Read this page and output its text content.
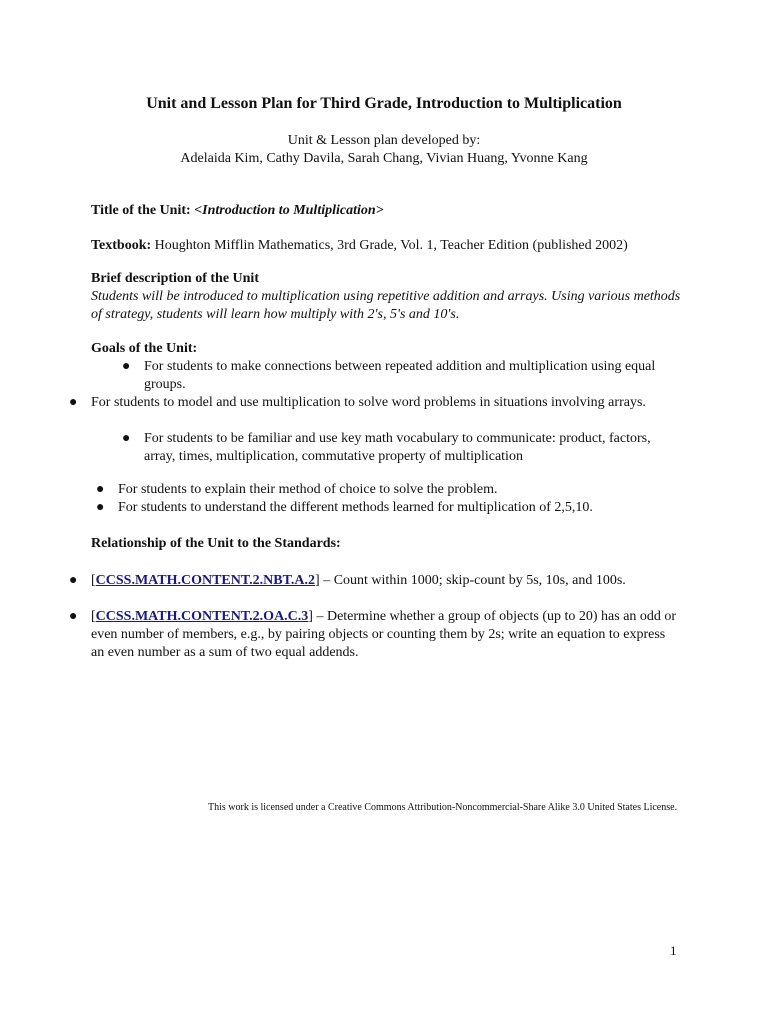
Unit and Lesson Plan for Third Grade, Introduction to Multiplication
Unit & Lesson plan developed by:
Adelaida Kim, Cathy Davila, Sarah Chang, Vivian Huang, Yvonne Kang
Title of the Unit: <Introduction to Multiplication>
Textbook: Houghton Mifflin Mathematics, 3rd Grade, Vol. 1, Teacher Edition (published 2002)
Brief description of the Unit
Students will be introduced to multiplication using repetitive addition and arrays. Using various methods of strategy, students will learn how multiply with 2's, 5's and 10's.
Goals of the Unit:
● For students to make connections between repeated addition and multiplication using equal groups.
● For students to model and use multiplication to solve word problems in situations involving arrays.
● For students to be familiar and use key math vocabulary to communicate: product, factors, array, times, multiplication, commutative property of multiplication
● For students to explain their method of choice to solve the problem.
● For students to understand the different methods learned for multiplication of 2,5,10.
Relationship of the Unit to the Standards:
● [CCSS.MATH.CONTENT.2.NBT.A.2] – Count within 1000; skip-count by 5s, 10s, and 100s.
● [CCSS.MATH.CONTENT.2.OA.C.3] – Determine whether a group of objects (up to 20) has an odd or even number of members, e.g., by pairing objects or counting them by 2s; write an equation to express an even number as a sum of two equal addends.
This work is licensed under a Creative Commons Attribution-Noncommercial-Share Alike 3.0 United States License.
1
